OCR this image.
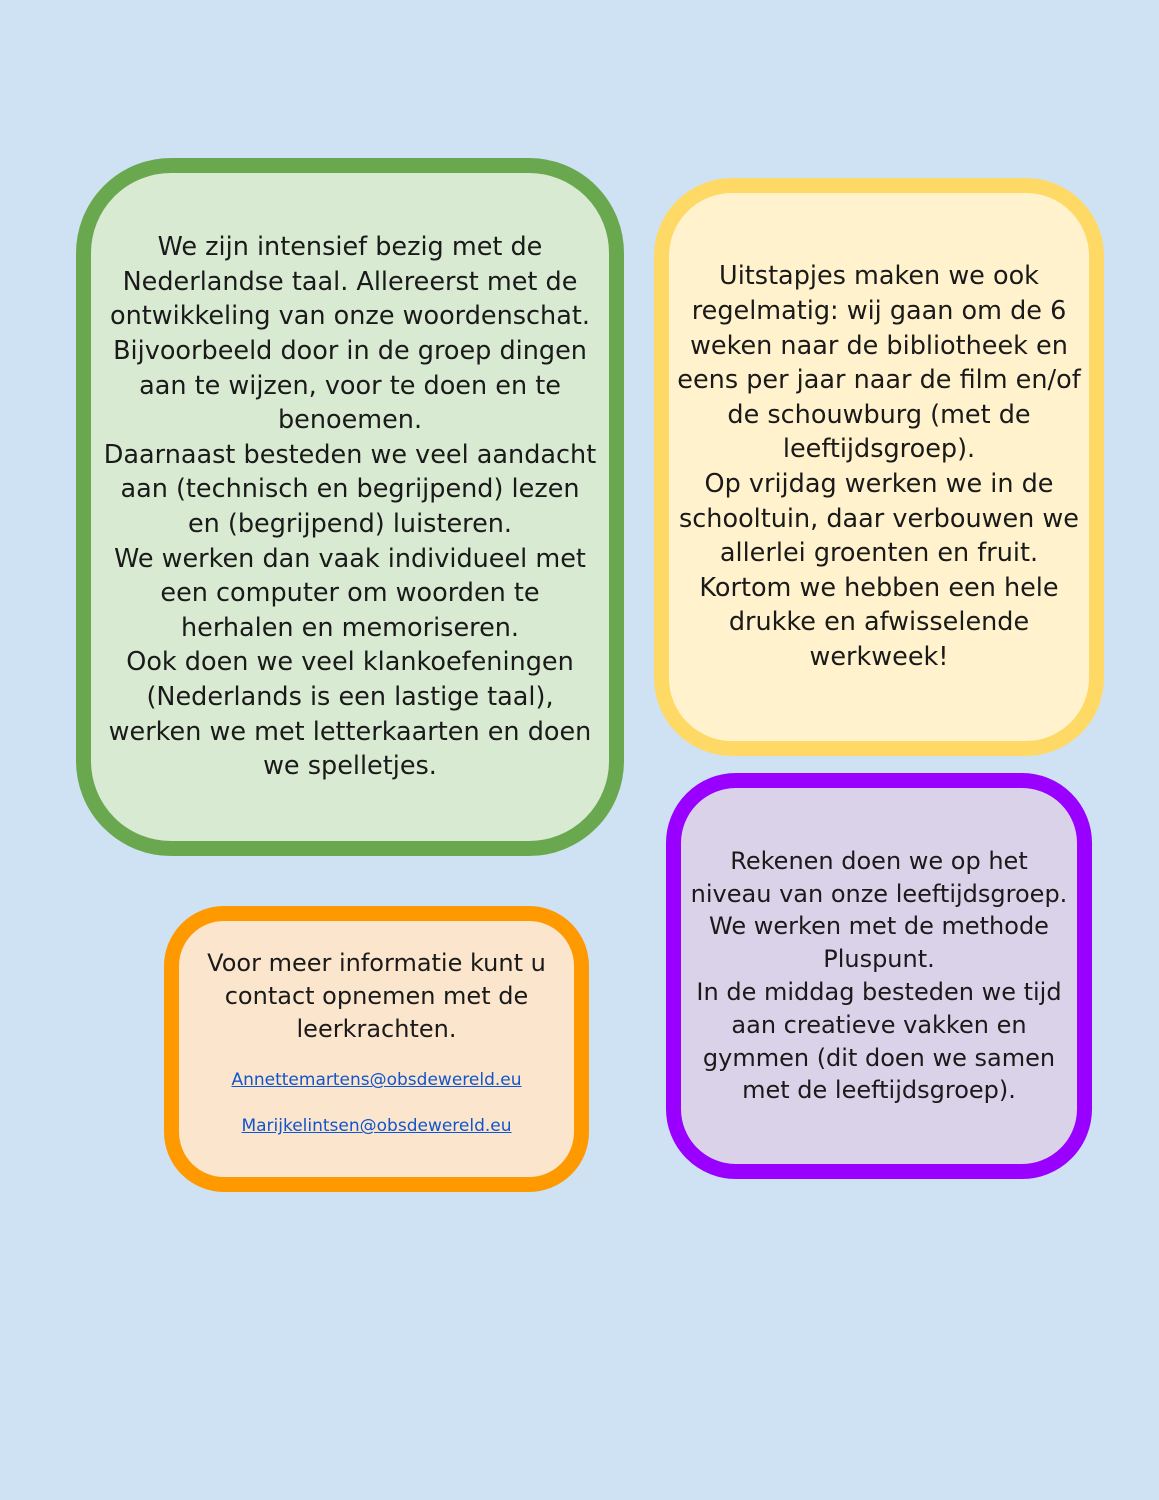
We zijn intensief bezig met de Nederlandse taal. Allereerst met de ontwikkeling van onze woordenschat. Bijvoorbeeld door in de groep dingen aan te wijzen, voor te doen en te benoemen.

Daarnaast besteden we veel aandacht aan (technisch en begrijpend) lezen en (begrijpend) luisteren.

We werken dan vaak individueel met een computer om woorden te herhalen en memoriseren.

Ook doen we veel klankoefeningen (Nederlands is een lastige taal), werken we met letterkaarten en doen we spelletjes.

Uitstapjes maken we ook regelmatig: wij gaan om de 6 weken naar de bibliotheek en eens per jaar naar de film en/of de schouwburg (met de leeftijdsgroep).

Op vrijdag werken we in de schooltuin, daar verbouwen we allerlei groenten en fruit.

Kortom we hebben een hele drukke en afwisselende werkweek!

Rekenen doen we op het niveau van onze leeftijdsgroep. We werken met de methode Pluspunt.

In de middag besteden we tijd aan creatieve vakken en gymmen (dit doen we samen met de leeftijdsgroep).

Voor meer informatie kunt u contact opnemen met de leerkrachten.

Annettemartens@obsdewereld.eu
Marijkelintsen@obsdewereld.eu
